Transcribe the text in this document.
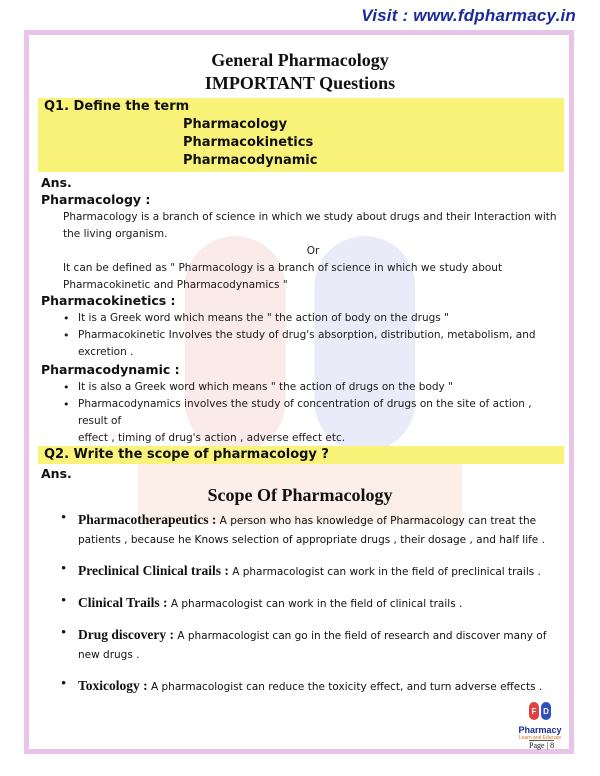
Visit : www.fdpharmacy.in
General Pharmacology
IMPORTANT Questions
Q1. Define the term
Pharmacology
Pharmacokinetics
Pharmacodynamic
Ans.
Pharmacology :
Pharmacology is a branch of science in which we study about drugs and their Interaction with
the living organism.
Or
It can be defined as " Pharmacology is a branch of science in which we study about
Pharmacokinetic and Pharmacodynamics "
Pharmacokinetics :
• It is a Greek word which means the " the action of body on the drugs "
• Pharmacokinetic Involves the study of drug's absorption, distribution, metabolism, and
excretion .
Pharmacodynamic :
• It is also a Greek word which means " the action of drugs on the body "
• Pharmacodynamics involves the study of concentration of drugs on the site of action , result of
effect , timing of drug's action , adverse effect etc.
Q2. Write the scope of pharmacology ?
Ans.
Scope Of Pharmacology
• Pharmacotherapeutics : A person who has knowledge of Pharmacology can treat the
patients , because he Knows selection of appropriate drugs , their dosage , and half life .
• Preclinical Clinical trails : A pharmacologist can work in the field of preclinical trails .
• Clinical Trails : A pharmacologist can work in the field of clinical trails .
• Drug discovery : A pharmacologist can go in the field of research and discover many of
new drugs .
• Toxicology : A pharmacologist can reduce the toxicity effect, and turn adverse effects .
F D
Pharmacy
Learn and Educate
Page | 8
